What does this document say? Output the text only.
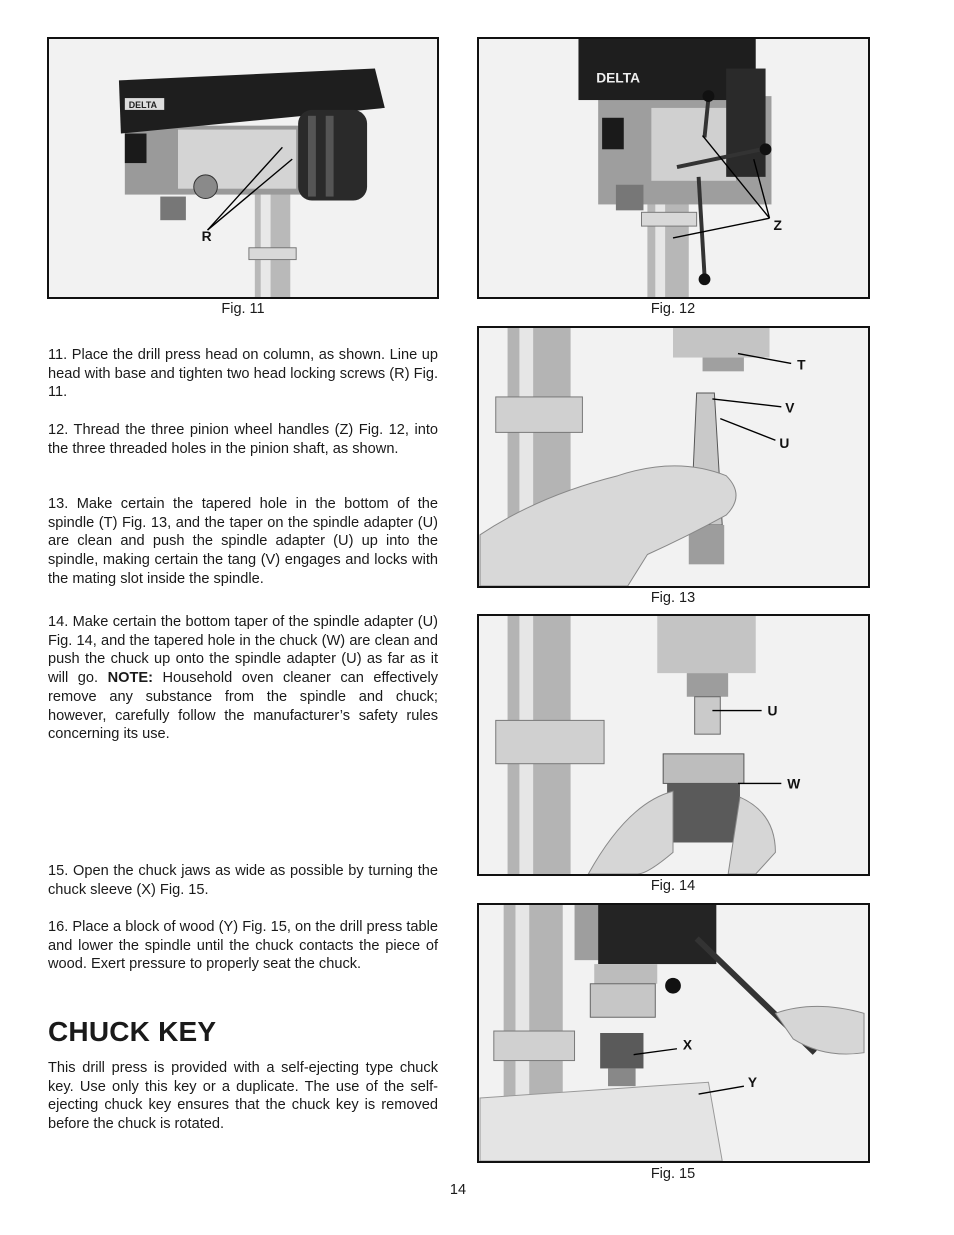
DELTA
R
Fig. 11
DELTA
Z
Fig. 12
T
V
U
Fig. 13
U
W
Fig. 14
X
Y
Fig. 15

11. Place the drill press head on column, as shown. Line up head with base and tighten two head locking screws (R) Fig. 11.

12. Thread the three pinion wheel handles (Z) Fig. 12, into the three threaded holes in the pinion shaft, as shown.

13. Make certain the tapered hole in the bottom of the spindle (T) Fig. 13, and the taper on the spindle adapter (U) are clean and push the spindle adapter (U) up into the spindle, making certain the tang (V) engages and locks with the mating slot inside the spindle.

14. Make certain the bottom taper of the spindle adapter (U) Fig. 14, and the tapered hole in the chuck (W) are clean and push the chuck up onto the spindle adapter (U) as far as it will go. NOTE: Household oven cleaner can effectively remove any substance from the spindle and chuck; however, carefully follow the manufacturer’s safety rules concerning its use.

15. Open the chuck jaws as wide as possible by turning the chuck sleeve (X) Fig. 15.

16. Place a block of wood (Y) Fig. 15, on the drill press table and lower the spindle until the chuck contacts the piece of wood. Exert pressure to properly seat the chuck.

CHUCK KEY

This drill press is provided with a self-ejecting type chuck key. Use only this key or a duplicate. The use of the self-ejecting chuck key ensures that the chuck key is removed before the chuck is rotated.

14
